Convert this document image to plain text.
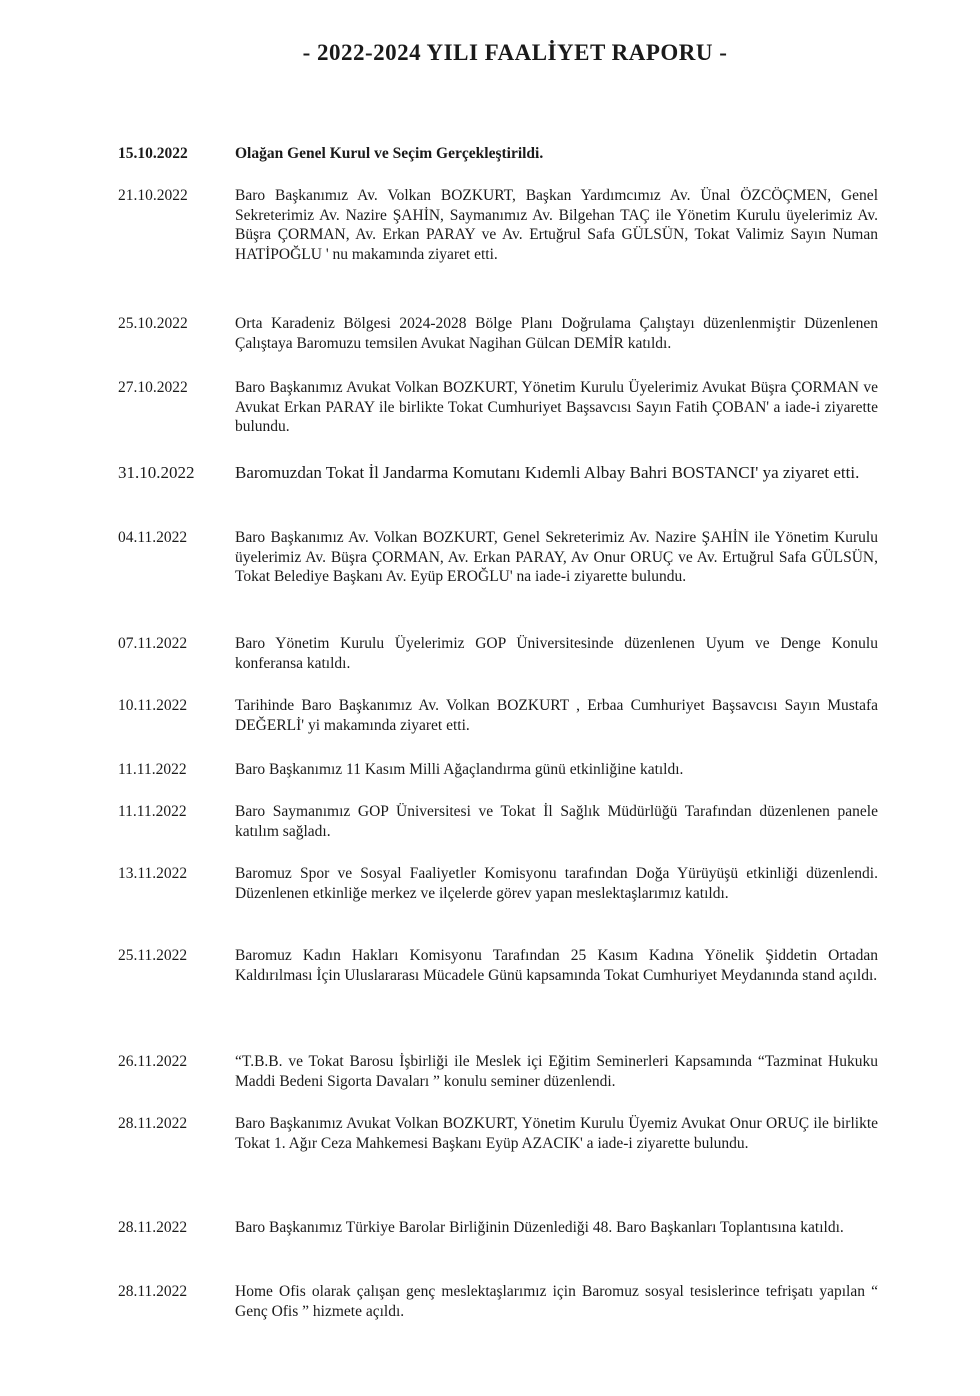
- 2022-2024 YILI FAALİYET RAPORU -
15.10.2022	Olağan Genel Kurul ve Seçim Gerçekleştirildi.
21.10.2022	Baro Başkanımız Av. Volkan BOZKURT, Başkan Yardımcımız Av. Ünal ÖZCÖÇMEN, Genel Sekreterimiz Av. Nazire ŞAHİN, Saymanımız Av. Bilgehan TAÇ ile Yönetim Kurulu üyelerimiz Av. Büşra ÇORMAN, Av. Erkan PARAY ve Av. Ertuğrul Safa GÜLSÜN, Tokat Valimiz Sayın Numan HATİPOĞLU ' nu makamında ziyaret etti.
25.10.2022	Orta Karadeniz Bölgesi 2024-2028 Bölge Planı Doğrulama Çalıştayı düzenlenmiştir Düzenlenen Çalıştaya Baromuzu temsilen Avukat Nagihan Gülcan DEMİR katıldı.
27.10.2022	Baro Başkanımız Avukat Volkan BOZKURT, Yönetim Kurulu Üyelerimiz Avukat Büşra ÇORMAN ve Avukat Erkan PARAY ile birlikte Tokat Cumhuriyet Başsavcısı Sayın Fatih ÇOBAN' a iade-i ziyarette bulundu.
31.10.2022	Baromuzdan Tokat İl Jandarma Komutanı Kıdemli Albay Bahri BOSTANCI' ya ziyaret etti.
04.11.2022	Baro Başkanımız Av. Volkan BOZKURT, Genel Sekreterimiz Av. Nazire ŞAHİN ile Yönetim Kurulu üyelerimiz Av. Büşra ÇORMAN, Av. Erkan PARAY, Av Onur ORUÇ ve Av. Ertuğrul Safa GÜLSÜN, Tokat Belediye Başkanı Av. Eyüp EROĞLU' na iade-i ziyarette bulundu.
07.11.2022	Baro Yönetim Kurulu Üyelerimiz GOP Üniversitesinde düzenlenen Uyum ve Denge Konulu konferansa katıldı.
10.11.2022	Tarihinde Baro Başkanımız Av. Volkan BOZKURT , Erbaa Cumhuriyet Başsavcısı Sayın Mustafa DEĞERLİ' yi makamında ziyaret etti.
11.11.2022	Baro Başkanımız 11 Kasım Milli Ağaçlandırma günü etkinliğine katıldı.
11.11.2022	Baro Saymanımız GOP Üniversitesi ve Tokat İl Sağlık Müdürlüğü Tarafından düzenlenen panele katılım sağladı.
13.11.2022	Baromuz Spor ve Sosyal Faaliyetler Komisyonu tarafından Doğa Yürüyüşü etkinliği düzenlendi. Düzenlenen etkinliğe merkez ve ilçelerde görev yapan meslektaşlarımız katıldı.
25.11.2022	Baromuz Kadın Hakları Komisyonu Tarafından 25 Kasım Kadına Yönelik Şiddetin Ortadan Kaldırılması İçin Uluslararası Mücadele Günü kapsamında Tokat Cumhuriyet Meydanında stand açıldı.
26.11.2022	“T.B.B. ve Tokat Barosu İşbirliği ile Meslek içi Eğitim Seminerleri Kapsamında “Tazminat Hukuku Maddi Bedeni Sigorta Davaları ” konulu seminer düzenlendi.
28.11.2022	Baro Başkanımız Avukat Volkan BOZKURT, Yönetim Kurulu Üyemiz Avukat Onur ORUÇ ile birlikte Tokat 1. Ağır Ceza Mahkemesi Başkanı Eyüp AZACIK' a iade-i ziyarette bulundu.
28.11.2022	Baro Başkanımız Türkiye Barolar Birliğinin Düzenlediği 48. Baro Başkanları Toplantısına katıldı.
28.11.2022	Home Ofis olarak çalışan genç meslektaşlarımız için Baromuz sosyal tesislerince tefrişatı yapılan “ Genç Ofis ” hizmete açıldı.
